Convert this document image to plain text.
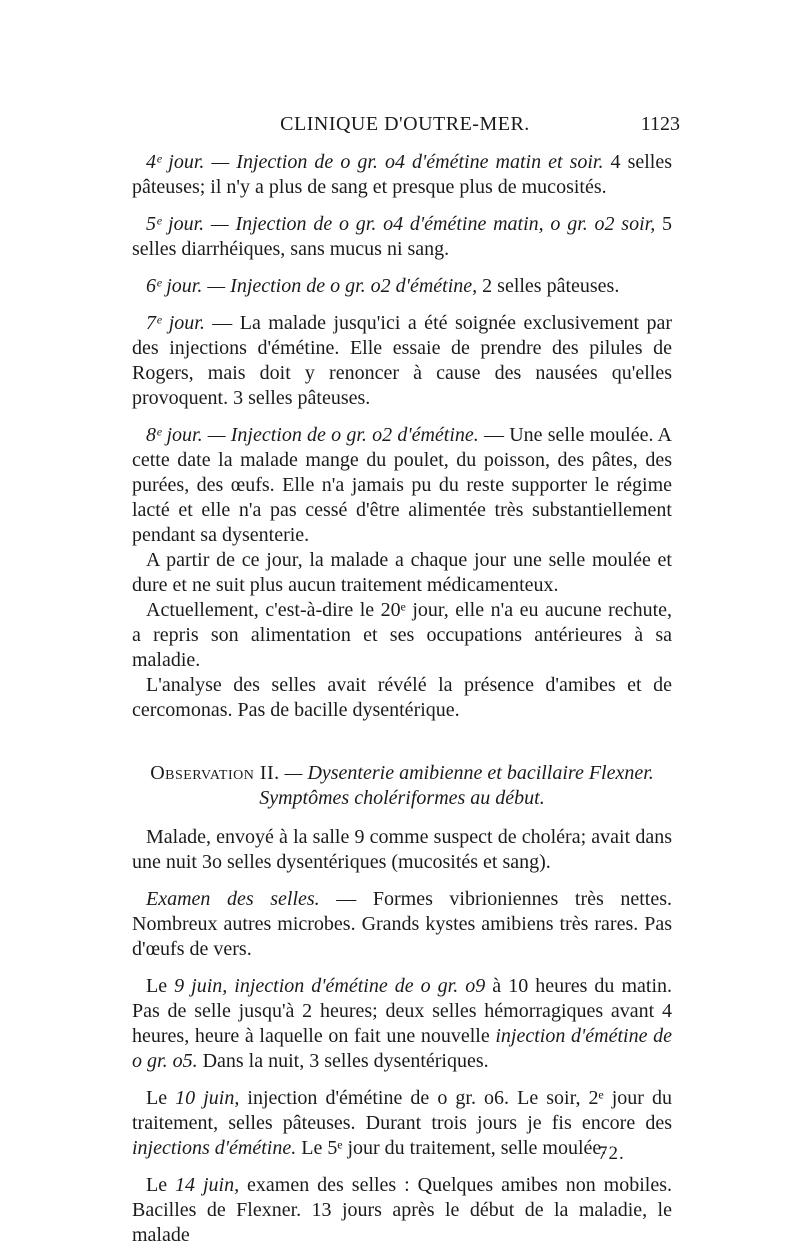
CLINIQUE D'OUTRE-MER.	1123

4ᵉ jour. — Injection de o gr. o4 d'émétine matin et soir. 4 selles pâteuses; il n'y a plus de sang et presque plus de mucosités.

5ᵉ jour. — Injection de o gr. o4 d'émétine matin, o gr. o2 soir, 5 selles diarrhéiques, sans mucus ni sang.

6ᵉ jour. — Injection de o gr. o2 d'émétine, 2 selles pâteuses.

7ᵉ jour. — La malade jusqu'ici a été soignée exclusivement par des injections d'émétine. Elle essaie de prendre des pilules de Rogers, mais doit y renoncer à cause des nausées qu'elles provoquent. 3 selles pâteuses.

8ᵉ jour. — Injection de o gr. o2 d'émétine. — Une selle moulée. A cette date la malade mange du poulet, du poisson, des pâtes, des purées, des œufs. Elle n'a jamais pu du reste supporter le régime lacté et elle n'a pas cessé d'être alimentée très substantiellement pendant sa dysenterie.

A partir de ce jour, la malade a chaque jour une selle moulée et dure et ne suit plus aucun traitement médicamenteux.

Actuellement, c'est-à-dire le 20ᵉ jour, elle n'a eu aucune rechute, a repris son alimentation et ses occupations antérieures à sa maladie.

L'analyse des selles avait révélé la présence d'amibes et de cercomonas. Pas de bacille dysentérique.

Observation II. — Dysenterie amibienne et bacillaire Flexner.
Symptômes cholériformes au début.

Malade, envoyé à la salle 9 comme suspect de choléra; avait dans une nuit 3o selles dysentériques (mucosités et sang).

Examen des selles. — Formes vibrioniennes très nettes. Nombreux autres microbes. Grands kystes amibiens très rares. Pas d'œufs de vers.

Le 9 juin, injection d'émétine de o gr. o9 à 10 heures du matin. Pas de selle jusqu'à 2 heures; deux selles hémorragiques avant 4 heures, heure à laquelle on fait une nouvelle injection d'émétine de o gr. o5. Dans la nuit, 3 selles dysentériques.

Le 10 juin, injection d'émétine de o gr. o6. Le soir, 2ᵉ jour du traitement, selles pâteuses. Durant trois jours je fis encore des injections d'émétine. Le 5ᵉ jour du traitement, selle moulée.

Le 14 juin, examen des selles : Quelques amibes non mobiles. Bacilles de Flexner. 13 jours après le début de la maladie, le malade

72.
